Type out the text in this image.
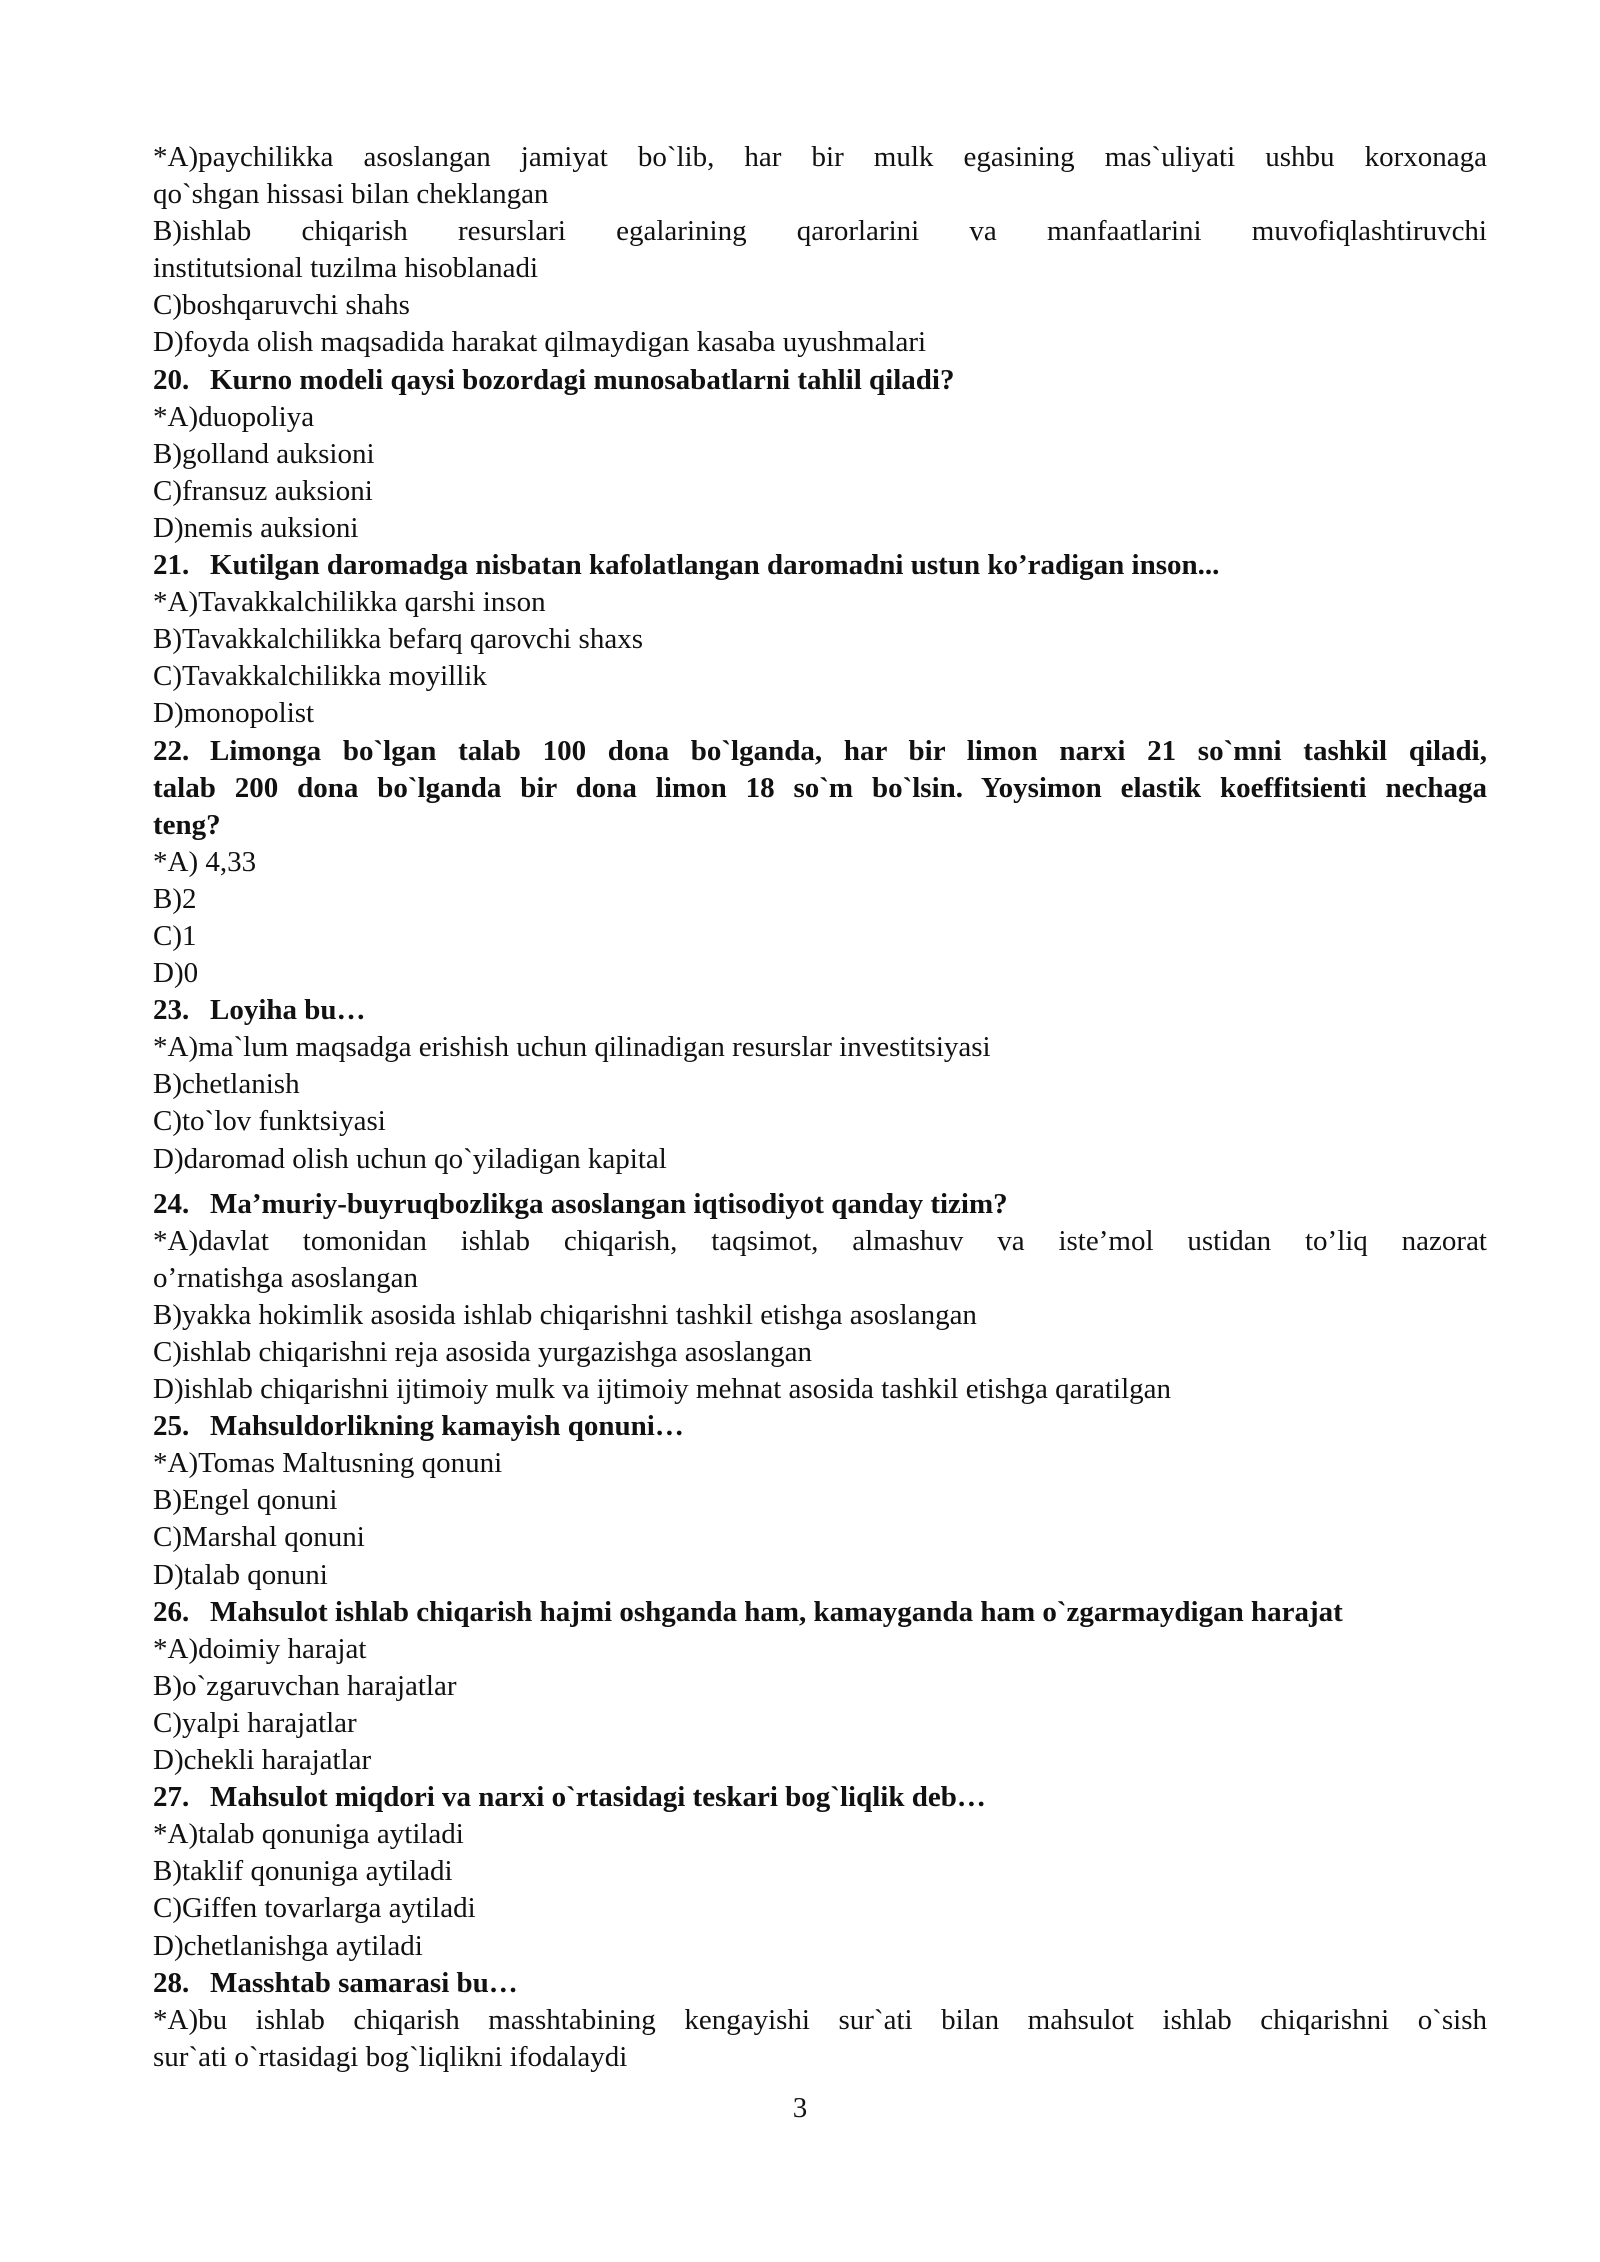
*A)paychilikka asoslangan jamiyat bo`lib, har bir mulk egasining mas`uliyati ushbu korxonaga
qo`shgan hissasi bilan cheklangan
B)ishlab chiqarish resurslari egalarining qarorlarini va manfaatlarini muvofiqlashtiruvchi
institutsional tuzilma hisoblanadi
C)boshqaruvchi shahs
D)foyda olish maqsadida harakat qilmaydigan kasaba uyushmalari
20. Kurno modeli qaysi bozordagi munosabatlarni tahlil qiladi?
*A)duopoliya
B)golland auksioni
C)fransuz auksioni
D)nemis auksioni
21. Kutilgan daromadga nisbatan kafolatlangan daromadni ustun ko’radigan inson...
*A)Tavakkalchilikka qarshi inson
B)Tavakkalchilikka befarq qarovchi shaxs
C)Tavakkalchilikka moyillik
D)monopolist
22. Limonga bo`lgan talab 100 dona bo`lganda, har bir limon narxi 21 so`mni tashkil qiladi,
talab 200 dona bo`lganda bir dona limon 18 so`m bo`lsin. Yoysimon elastik koeffitsienti nechaga
teng?
*A) 4,33
B)2
C)1
D)0
23. Loyiha bu…
*A)ma`lum maqsadga erishish uchun qilinadigan resurslar investitsiyasi
B)chetlanish
C)to`lov funktsiyasi
D)daromad olish uchun qo`yiladigan kapital
24. Ma’muriy-buyruqbozlikga asoslangan iqtisodiyot qanday tizim?
*A)davlat tomonidan ishlab chiqarish, taqsimot, almashuv va iste’mol ustidan to’liq nazorat
o’rnatishga asoslangan
B)yakka hokimlik asosida ishlab chiqarishni tashkil etishga asoslangan
C)ishlab chiqarishni reja asosida yurgazishga asoslangan
D)ishlab chiqarishni ijtimoiy mulk va ijtimoiy mehnat asosida tashkil etishga qaratilgan
25. Mahsuldorlikning kamayish qonuni…
*A)Tomas Maltusning qonuni
B)Engel qonuni
C)Marshal qonuni
D)talab qonuni
26. Mahsulot ishlab chiqarish hajmi oshganda ham, kamayganda ham o`zgarmaydigan harajat
*A)doimiy harajat
B)o`zgaruvchan harajatlar
C)yalpi harajatlar
D)chekli harajatlar
27. Mahsulot miqdori va narxi o`rtasidagi teskari bog`liqlik deb…
*A)talab qonuniga aytiladi
B)taklif qonuniga aytiladi
C)Giffen tovarlarga aytiladi
D)chetlanishga aytiladi
28. Masshtab samarasi bu…
*A)bu ishlab chiqarish masshtabining kengayishi sur`ati bilan mahsulot ishlab chiqarishni o`sish
sur`ati o`rtasidagi bog`liqlikni ifodalaydi
3
